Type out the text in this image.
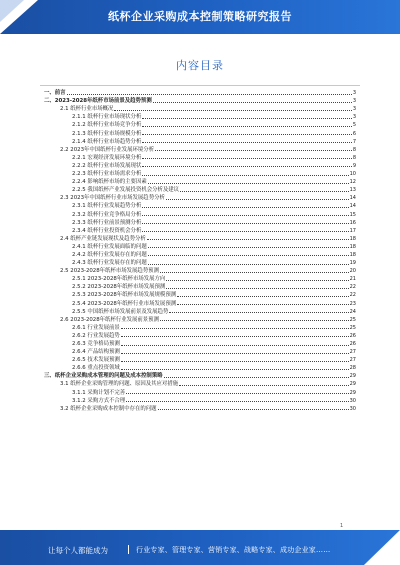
纸杯企业采购成本控制策略研究报告
内容目录
一、前言	3
二、2023-2028年纸杯市场前景及趋势预测	3
2.1 纸杯行业市场概况	3
2.1.1 纸杯行业市场现状分析	3
2.1.2 纸杯行业市场竞争分析	5
2.1.3 纸杯行业市场规模分析	6
2.1.4 纸杯行业市场趋势分析	7
2.2 2023年中国纸杯行业发展环境分析	8
2.2.1 宏观经济发展环境分析	8
2.2.2 纸杯行业市场发展现状	9
2.2.3 纸杯行业市场需求分析	10
2.2.4 影响纸杯市场的主要因素	12
2.2.5 我国纸杯产业发展投资机会分析及建议	13
2.3 2023年中国纸杯行业市场发展趋势分析	14
2.3.1 纸杯行业发展趋势分析	14
2.3.2 纸杯行业竞争格局分析	15
2.3.3 纸杯行业前景预测分析	16
2.3.4 纸杯行业投资机会分析	17
2.4 纸杯产业链发展现状及趋势分析	18
2.4.1 纸杯行业发展面临的问题	18
2.4.2 纸杯行业发展存在的问题	18
2.4.3 纸杯行业发展存在的问题	19
2.5 2023-2028年纸杯市场发展趋势预测	20
2.5.1 2023-2028年纸杯市场发展方向	21
2.5.2 2023-2028年纸杯市场发展预测	22
2.5.3 2023-2028年纸杯市场发展规模预测	22
2.5.4 2023-2028年纸杯行业市场发展预测	23
2.5.5 中国纸杯市场发展前景及发展趋势	24
2.6 2023-2028年纸杯行业发展前景预测	25
2.6.1 行业发展前景	25
2.6.2 行业发展趋势	26
2.6.3 竞争格局预测	26
2.6.4 产品结构预测	27
2.6.5 技术发展预测	27
2.6.6 重点投资领域	28
三、纸杯企业采购成本管理的问题及成本控制策略	29
3.1 纸杯企业采购管理的问题、原因及其应对措施	29
3.1.1 采购计划不完善	29
3.1.2 采购方式不合理	30
3.2 纸杯企业采购成本控制中存在的问题	30
1
让每个人都能成为	行业专家、管理专家、营销专家、战略专家、成功企业家……
